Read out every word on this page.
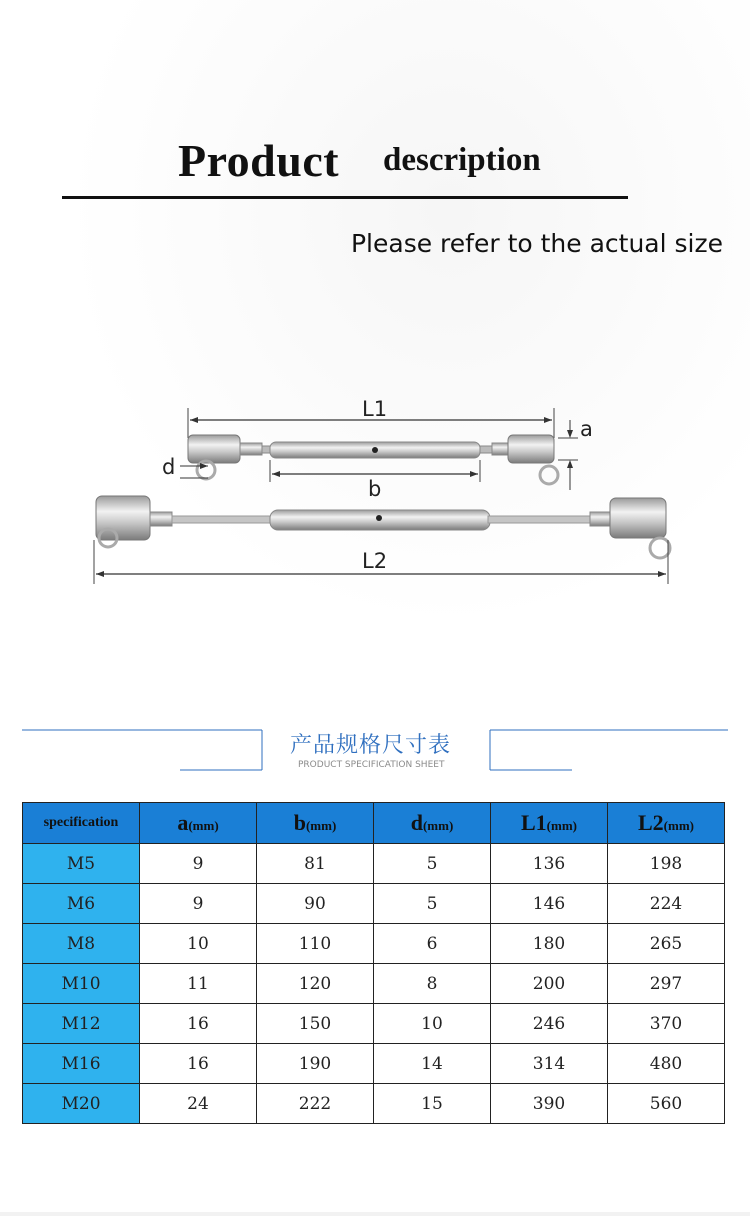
Product description
Please refer to the actual size
L1
a
d
b
L2
产品规格尺寸表
PRODUCT SPECIFICATION SHEET
specification	a(mm)	b(mm)	d(mm)	L1(mm)	L2(mm)
M5	9	81	5	136	198
M6	9	90	5	146	224
M8	10	110	6	180	265
M10	11	120	8	200	297
M12	16	150	10	246	370
M16	16	190	14	314	480
M20	24	222	15	390	560
